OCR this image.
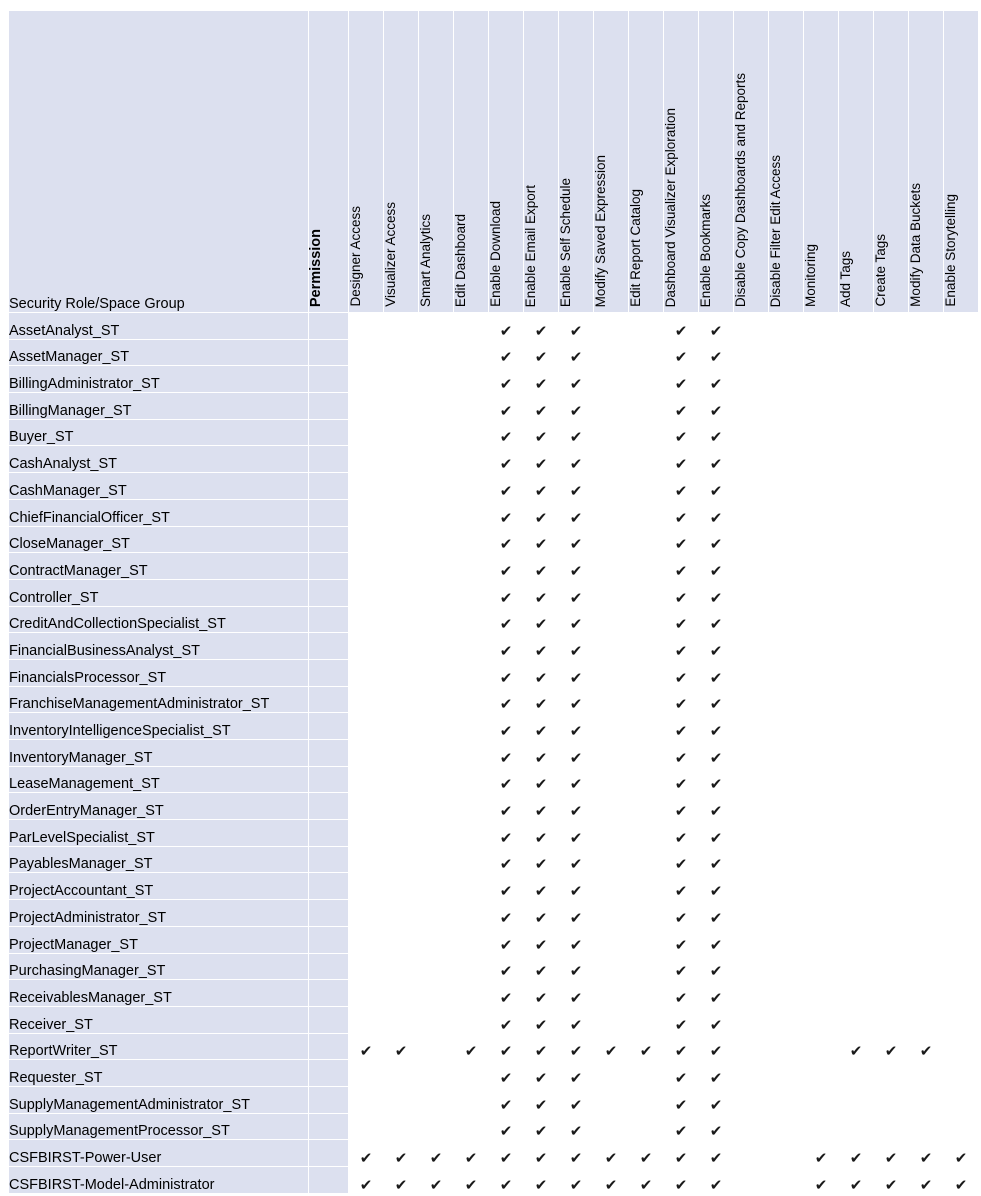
Security Role/Space Group	Permission	Designer Access	Visualizer Access	Smart Analytics	Edit Dashboard	Enable Download	Enable Email Export	Enable Self Schedule	Modify Saved Expression	Edit Report Catalog	Dashboard Visualizer Exploration	Enable Bookmarks	Disable Copy Dashboards and Reports	Disable Filter Edit Access	Monitoring	Add Tags	Create Tags	Modify Data Buckets	Enable Storytelling
AssetAnalyst_ST						✔	✔	✔			✔	✔							
AssetManager_ST						✔	✔	✔			✔	✔							
BillingAdministrator_ST						✔	✔	✔			✔	✔							
BillingManager_ST						✔	✔	✔			✔	✔							
Buyer_ST						✔	✔	✔			✔	✔							
CashAnalyst_ST						✔	✔	✔			✔	✔							
CashManager_ST						✔	✔	✔			✔	✔							
ChiefFinancialOfficer_ST						✔	✔	✔			✔	✔							
CloseManager_ST						✔	✔	✔			✔	✔							
ContractManager_ST						✔	✔	✔			✔	✔							
Controller_ST						✔	✔	✔			✔	✔							
CreditAndCollectionSpecialist_ST						✔	✔	✔			✔	✔							
FinancialBusinessAnalyst_ST						✔	✔	✔			✔	✔							
FinancialsProcessor_ST						✔	✔	✔			✔	✔							
FranchiseManagementAdministrator_ST						✔	✔	✔			✔	✔							
InventoryIntelligenceSpecialist_ST						✔	✔	✔			✔	✔							
InventoryManager_ST						✔	✔	✔			✔	✔							
LeaseManagement_ST						✔	✔	✔			✔	✔							
OrderEntryManager_ST						✔	✔	✔			✔	✔							
ParLevelSpecialist_ST						✔	✔	✔			✔	✔							
PayablesManager_ST						✔	✔	✔			✔	✔							
ProjectAccountant_ST						✔	✔	✔			✔	✔							
ProjectAdministrator_ST						✔	✔	✔			✔	✔							
ProjectManager_ST						✔	✔	✔			✔	✔							
PurchasingManager_ST						✔	✔	✔			✔	✔							
ReceivablesManager_ST						✔	✔	✔			✔	✔							
Receiver_ST						✔	✔	✔			✔	✔							
ReportWriter_ST		✔	✔		✔	✔	✔	✔	✔	✔	✔	✔				✔	✔	✔	
Requester_ST						✔	✔	✔			✔	✔							
SupplyManagementAdministrator_ST						✔	✔	✔			✔	✔							
SupplyManagementProcessor_ST						✔	✔	✔			✔	✔							
CSFBIRST-Power-User		✔	✔	✔	✔	✔	✔	✔	✔	✔	✔	✔			✔	✔	✔	✔	✔
CSFBIRST-Model-Administrator		✔	✔	✔	✔	✔	✔	✔	✔	✔	✔	✔			✔	✔	✔	✔	✔
